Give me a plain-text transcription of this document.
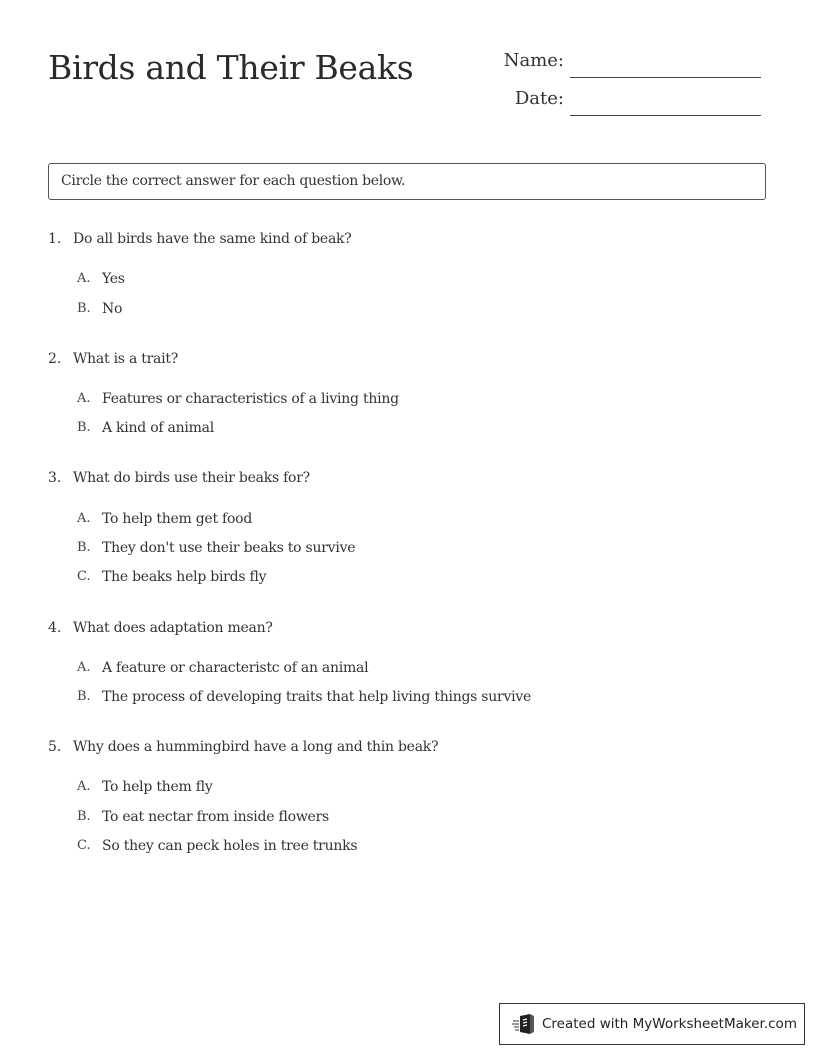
Birds and Their Beaks	Name:
Date:
Circle the correct answer for each question below.
1. Do all birds have the same kind of beak?
A. Yes
B. No
2. What is a trait?
A. Features or characteristics of a living thing
B. A kind of animal
3. What do birds use their beaks for?
A. To help them get food
B. They don't use their beaks to survive
C. The beaks help birds fly
4. What does adaptation mean?
A. A feature or characteristc of an animal
B. The process of developing traits that help living things survive
5. Why does a hummingbird have a long and thin beak?
A. To help them fly
B. To eat nectar from inside flowers
C. So they can peck holes in tree trunks
Created with MyWorksheetMaker.com
